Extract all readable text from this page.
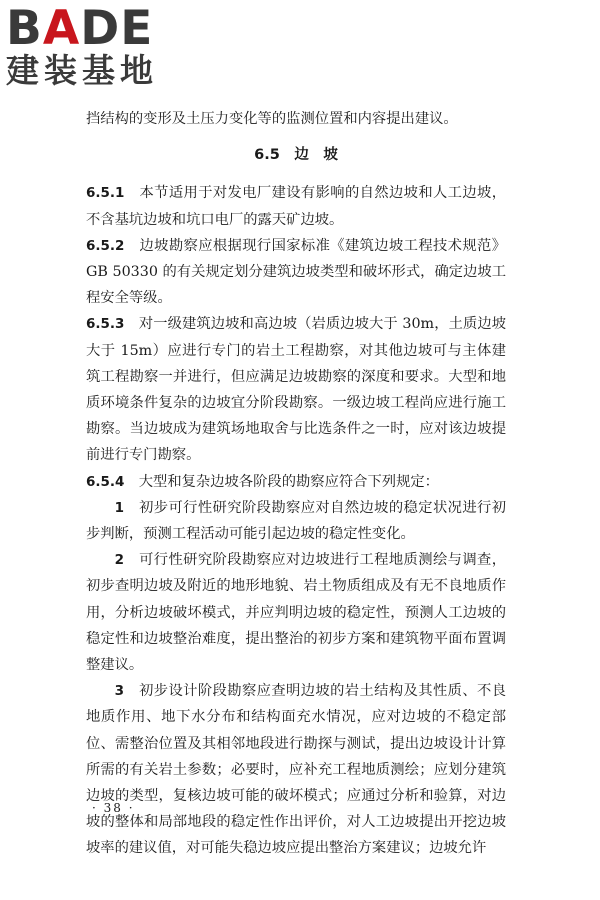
BADE
建装基地

挡结构的变形及土压力变化等的监测位置和内容提出建议。

6.5　边　坡

6.5.1　 本节适用于对发电厂建设有影响的自然边坡和人工边坡，不含基坑边坡和坑口电厂的露天矿边坡。

6.5.2　 边坡勘察应根据现行国家标准《建筑边坡工程技术规范》GB 50330 的有关规定划分建筑边坡类型和破坏形式，确定边坡工程安全等级。

6.5.3　 对一级建筑边坡和高边坡（岩质边坡大于 30m，土质边坡大于 15m）应进行专门的岩土工程勘察，对其他边坡可与主体建筑工程勘察一并进行，但应满足边坡勘察的深度和要求。大型和地质环境条件复杂的边坡宜分阶段勘察。一级边坡工程尚应进行施工勘察。当边坡成为建筑场地取舍与比选条件之一时，应对该边坡提前进行专门勘察。

6.5.4　 大型和复杂边坡各阶段的勘察应符合下列规定：

1　 初步可行性研究阶段勘察应对自然边坡的稳定状况进行初步判断，预测工程活动可能引起边坡的稳定性变化。

2　 可行性研究阶段勘察应对边坡进行工程地质测绘与调查，初步查明边坡及附近的地形地貌、岩土物质组成及有无不良地质作用，分析边坡破坏模式，并应判明边坡的稳定性，预测人工边坡的稳定性和边坡整治难度，提出整治的初步方案和建筑物平面布置调整建议。

3　 初步设计阶段勘察应查明边坡的岩土结构及其性质、不良地质作用、地下水分布和结构面充水情况，应对边坡的不稳定部位、需整治位置及其相邻地段进行勘探与测试，提出边坡设计计算所需的有关岩土参数；必要时，应补充工程地质测绘；应划分建筑边坡的类型，复核边坡可能的破坏模式；应通过分析和验算，对边坡的整体和局部地段的稳定性作出评价，对人工边坡提出开挖边坡坡率的建议值，对可能失稳边坡应提出整治方案建议；边坡允许

· 38 ·
